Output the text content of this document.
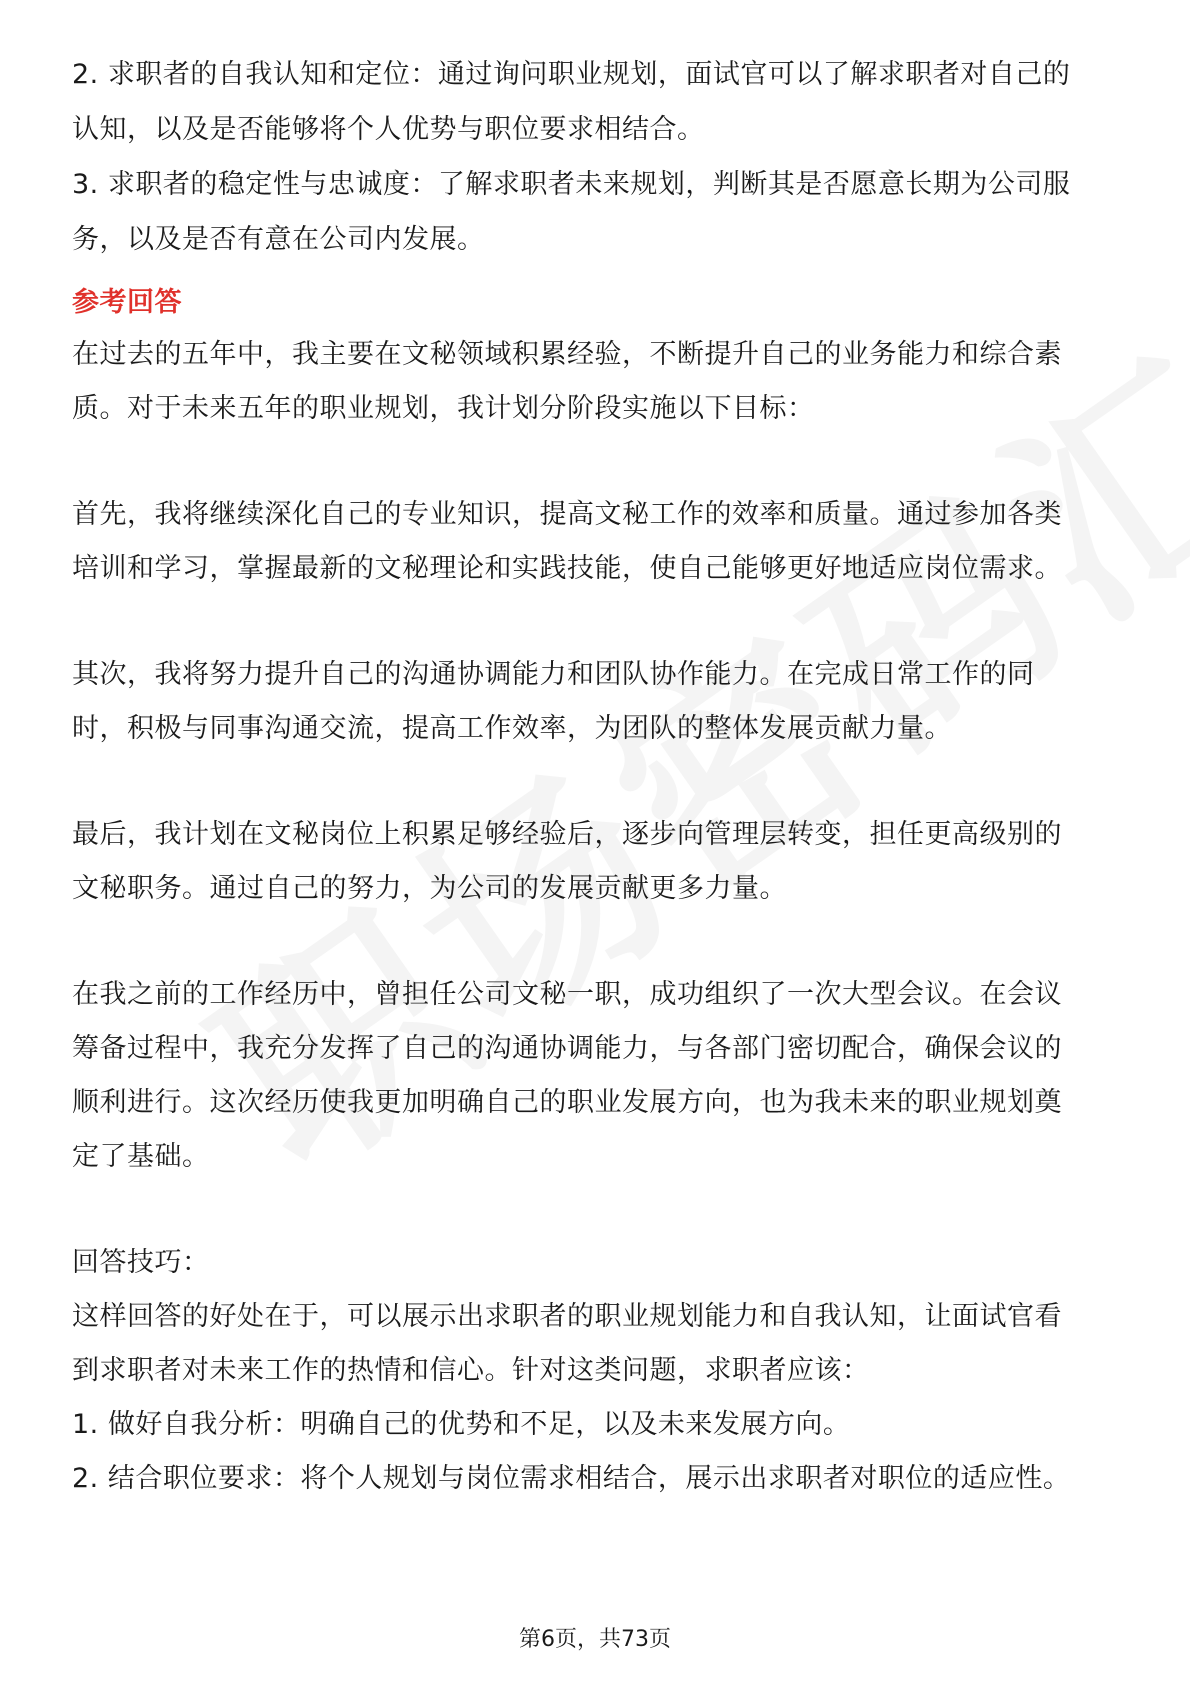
2. 求职者的自我认知和定位：通过询问职业规划，面试官可以了解求职者对自己的
认知，以及是否能够将个人优势与职位要求相结合。
3. 求职者的稳定性与忠诚度：了解求职者未来规划，判断其是否愿意长期为公司服
务，以及是否有意在公司内发展。
参考回答
在过去的五年中，我主要在文秘领域积累经验，不断提升自己的业务能力和综合素
质。对于未来五年的职业规划，我计划分阶段实施以下目标：
首先，我将继续深化自己的专业知识，提高文秘工作的效率和质量。通过参加各类
培训和学习，掌握最新的文秘理论和实践技能，使自己能够更好地适应岗位需求。
其次，我将努力提升自己的沟通协调能力和团队协作能力。在完成日常工作的同
时，积极与同事沟通交流，提高工作效率，为团队的整体发展贡献力量。
最后，我计划在文秘岗位上积累足够经验后，逐步向管理层转变，担任更高级别的
文秘职务。通过自己的努力，为公司的发展贡献更多力量。
在我之前的工作经历中，曾担任公司文秘一职，成功组织了一次大型会议。在会议
筹备过程中，我充分发挥了自己的沟通协调能力，与各部门密切配合，确保会议的
顺利进行。这次经历使我更加明确自己的职业发展方向，也为我未来的职业规划奠
定了基础。
回答技巧：
这样回答的好处在于，可以展示出求职者的职业规划能力和自我认知，让面试官看
到求职者对未来工作的热情和信心。针对这类问题，求职者应该：
1. 做好自我分析：明确自己的优势和不足，以及未来发展方向。
2. 结合职位要求：将个人规划与岗位需求相结合，展示出求职者对职位的适应性。
第6页，共73页
